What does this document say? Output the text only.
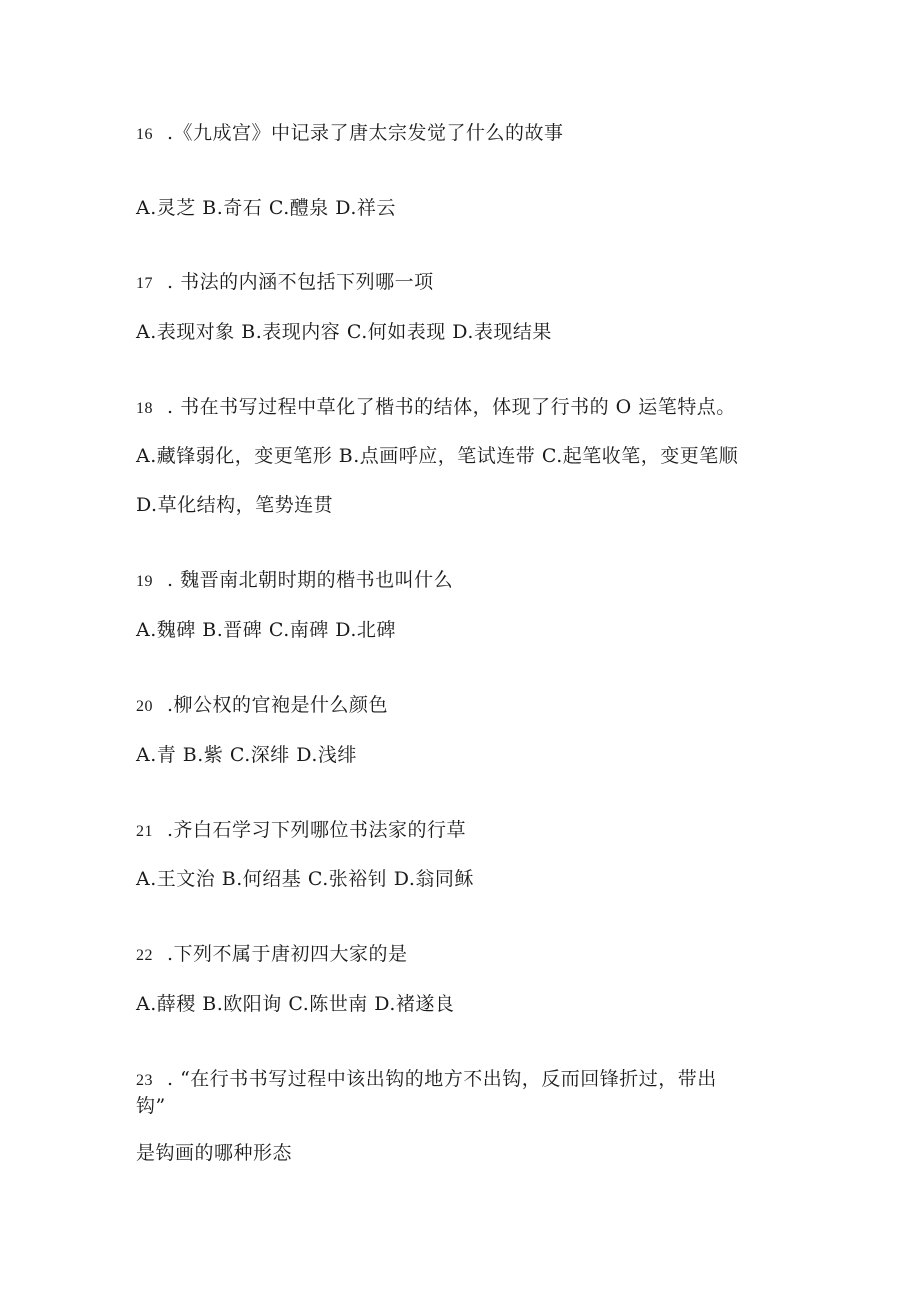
16 .《九成宫》中记录了唐太宗发觉了什么的故事
A.灵芝 B.奇石 C.醴泉 D.祥云
17 . 书法的内涵不包括下列哪一项
A.表现对象 B.表现内容 C.何如表现 D.表现结果
18 . 书在书写过程中草化了楷书的结体，体现了行书的 O 运笔特点。
A.藏锋弱化，变更笔形 B.点画呼应，笔试连带 C.起笔收笔，变更笔顺
D.草化结构，笔势连贯
19 . 魏晋南北朝时期的楷书也叫什么
A.魏碑 B.晋碑 C.南碑 D.北碑
20 .柳公权的官袍是什么颜色
A.青 B.紫 C.深绯 D.浅绯
21 .齐白石学习下列哪位书法家的行草
A.王文治 B.何绍基 C.张裕钊 D.翁同稣
22 .下列不属于唐初四大家的是
A.薛稷 B.欧阳询 C.陈世南 D.褚遂良
23 . “在行书书写过程中该出钩的地方不出钩，反而回锋折过，带出
钩”
是钩画的哪种形态
